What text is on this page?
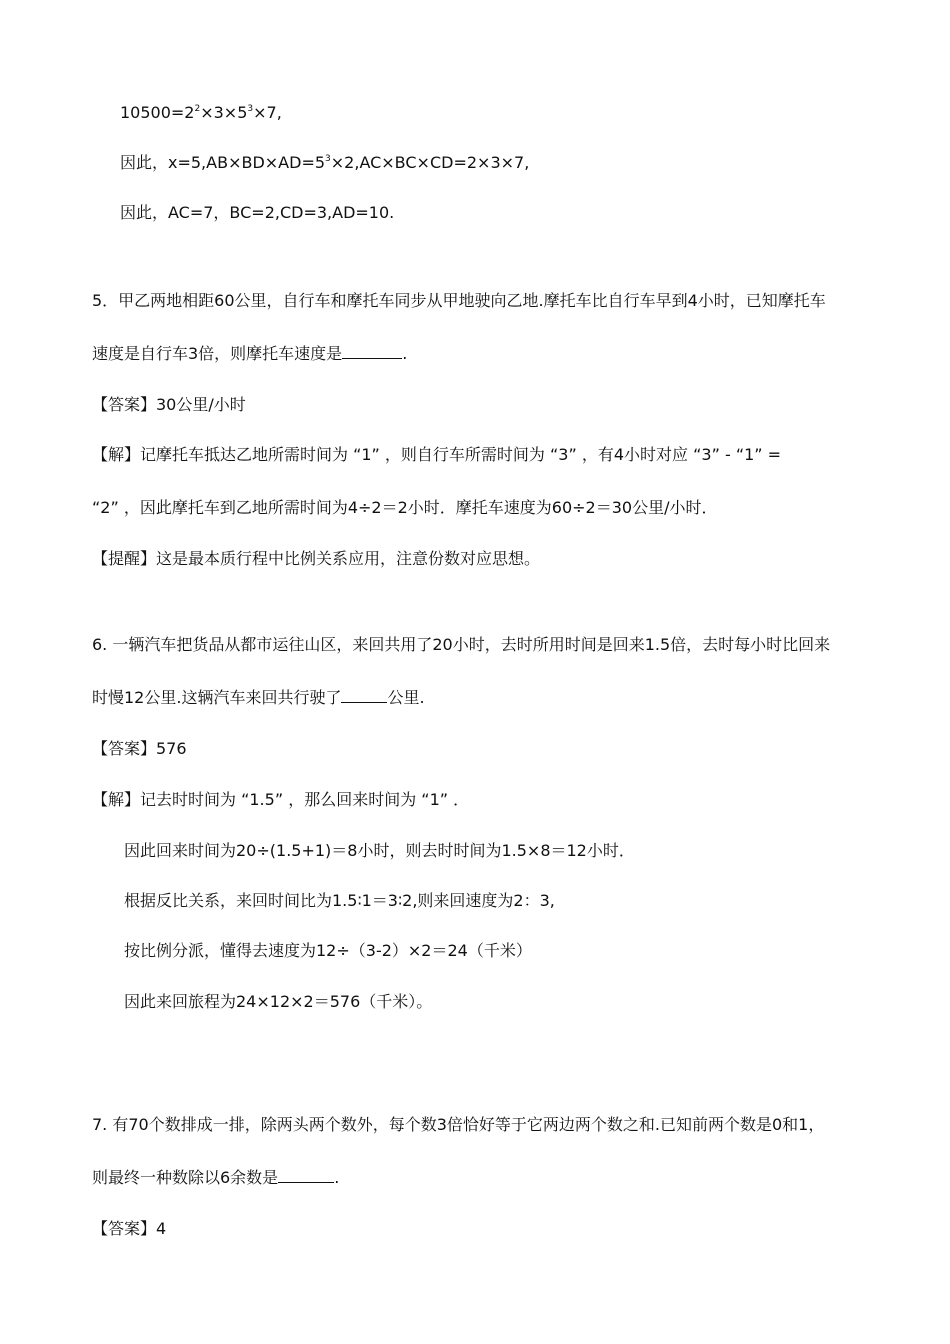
$10500=2^2\times 3\times 5^3\times 7$,
因此，$x=5,AB\times BD\times AD=5^3\times 2,AC\times BC\times CD=2\times 3\times 7$,
因此，AC=7，BC=2,CD=3,AD=10.
5．甲乙两地相距60公里，自行车和摩托车同步从甲地驶向乙地.摩托车比自行车早到4小时，已知摩托车
速度是自行车3倍，则摩托车速度是	.
【答案】30公里/小时
【解】记摩托车抵达乙地所需时间为 “1” ，则自行车所需时间为 “3” ，有4小时对应 “3” - “1” =
“2” ，因此摩托车到乙地所需时间为4÷2＝2小时．摩托车速度为60÷2＝30公里/小时．
【提醒】这是最本质行程中比例关系应用，注意份数对应思想。
6. 一辆汽车把货品从都市运往山区，来回共用了20小时，去时所用时间是回来1.5倍，去时每小时比回来
时慢12公里.这辆汽车来回共行驶了	公里.
【答案】576
【解】记去时时间为 “1.5” ，那么回来时间为 “1” ．
因此回来时间为20÷(1.5+1)＝8小时，则去时时间为1.5×8＝12小时．
根据反比关系，来回时间比为1.5∶1＝3∶2,则来回速度为2：3,
按比例分派，懂得去速度为12÷（3-2）×2＝24（千米）
因此来回旅程为24×12×2＝576（千米）。
7. 有70个数排成一排，除两头两个数外，每个数3倍恰好等于它两边两个数之和.已知前两个数是0和1，
则最终一种数除以6余数是	.
【答案】4
